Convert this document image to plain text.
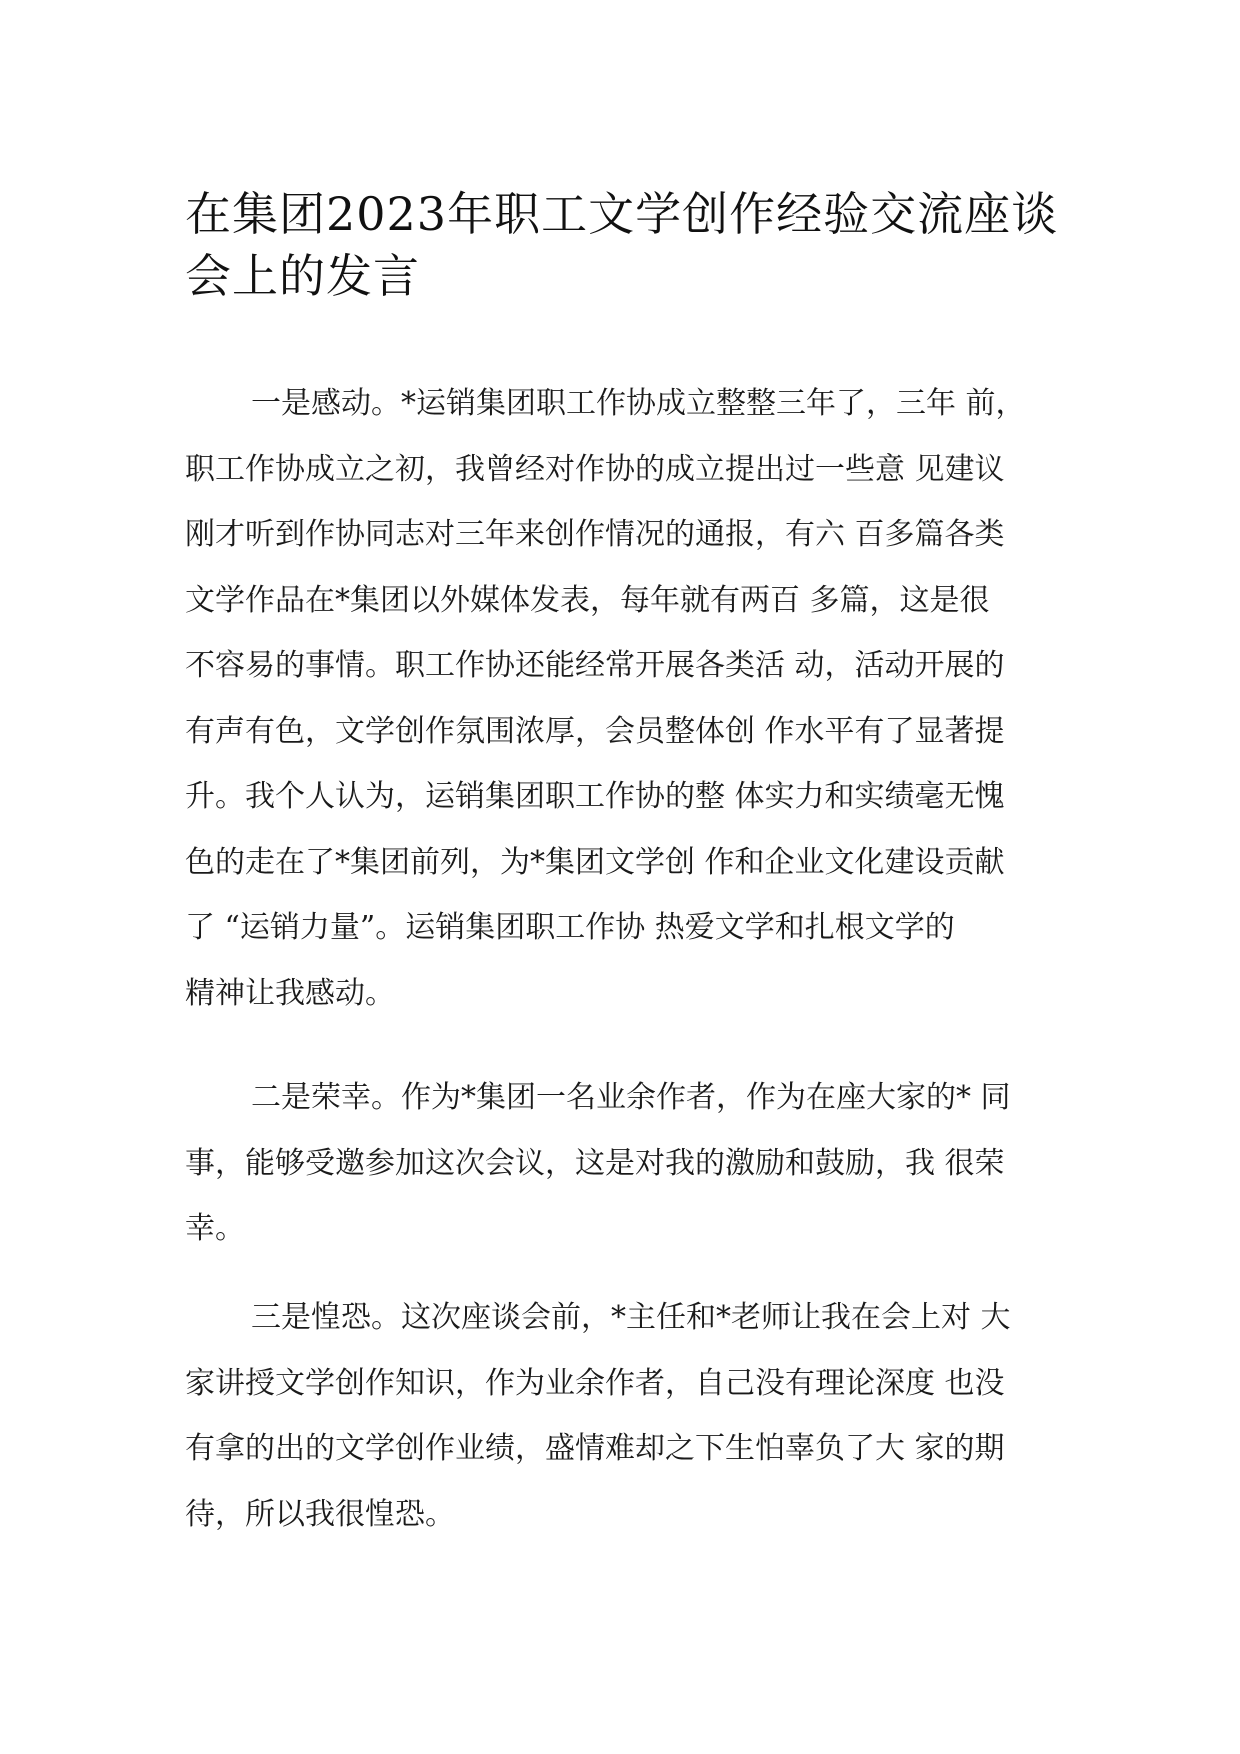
在集团2023年职工文学创作经验交流座谈
会上的发言

一是感动。*运销集团职工作协成立整整三年了，三年 前，
职工作协成立之初，我曾经对作协的成立提出过一些意 见建议
刚才听到作协同志对三年来创作情况的通报，有六 百多篇各类
文学作品在*集团以外媒体发表，每年就有两百 多篇，这是很
不容易的事情。职工作协还能经常开展各类活 动，活动开展的
有声有色，文学创作氛围浓厚，会员整体创 作水平有了显著提
升。我个人认为，运销集团职工作协的整 体实力和实绩毫无愧
色的走在了*集团前列，为*集团文学创 作和企业文化建设贡献
了 “运销力量”。运销集团职工作协 热爱文学和扎根文学的
精神让我感动。

二是荣幸。作为*集团一名业余作者，作为在座大家的* 同
事，能够受邀参加这次会议，这是对我的激励和鼓励，我 很荣
幸。

三是惶恐。这次座谈会前，*主任和*老师让我在会上对 大
家讲授文学创作知识，作为业余作者，自己没有理论深度 也没
有拿的出的文学创作业绩，盛情难却之下生怕辜负了大 家的期
待，所以我很惶恐。
